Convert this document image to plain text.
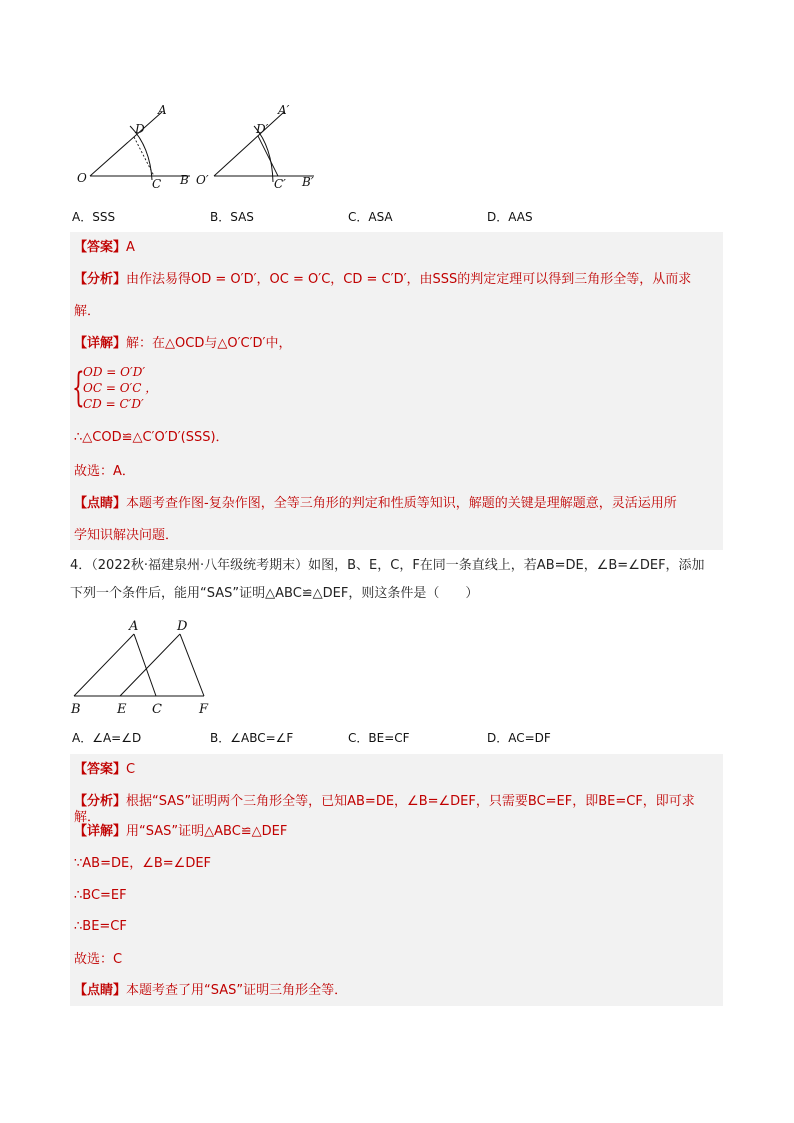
A
D
O	C B
A′
D′
O′	C′ B′
A．SSS	B．SAS	C．ASA	D．AAS
【答案】A
【分析】由作法易得OD = O′D′，OC = O′C，CD = C′D′，由SSS的判定定理可以得到三角形全等，从而求
解．
【详解】解：在△OCD与△O′C′D′中，
{
OD = O′D′
OC = O′C ，
CD = C′D′
∴△COD≌△C′O′D′(SSS)．
故选：A．
【点睛】本题考查作图-复杂作图，全等三角形的判定和性质等知识，解题的关键是理解题意，灵活运用所
学知识解决问题．
4．（2022秋·福建泉州·八年级统考期末）如图，B、E，C，F在同一条直线上，若AB=DE，∠B=∠DEF，添加
下列一个条件后，能用“SAS”证明△ABC≌△DEF，则这条件是（　　）
A	D
B	E C	F
A．∠A=∠D	B．∠ABC=∠F	C．BE=CF	D．AC=DF
【答案】C
【分析】根据“SAS”证明两个三角形全等，已知AB=DE，∠B=∠DEF，只需要BC=EF，即BE=CF，即可求解．
【详解】用“SAS”证明△ABC≌△DEF
∵AB=DE，∠B=∠DEF
∴BC=EF
∴BE=CF
故选：C
【点睛】本题考查了用“SAS”证明三角形全等．
